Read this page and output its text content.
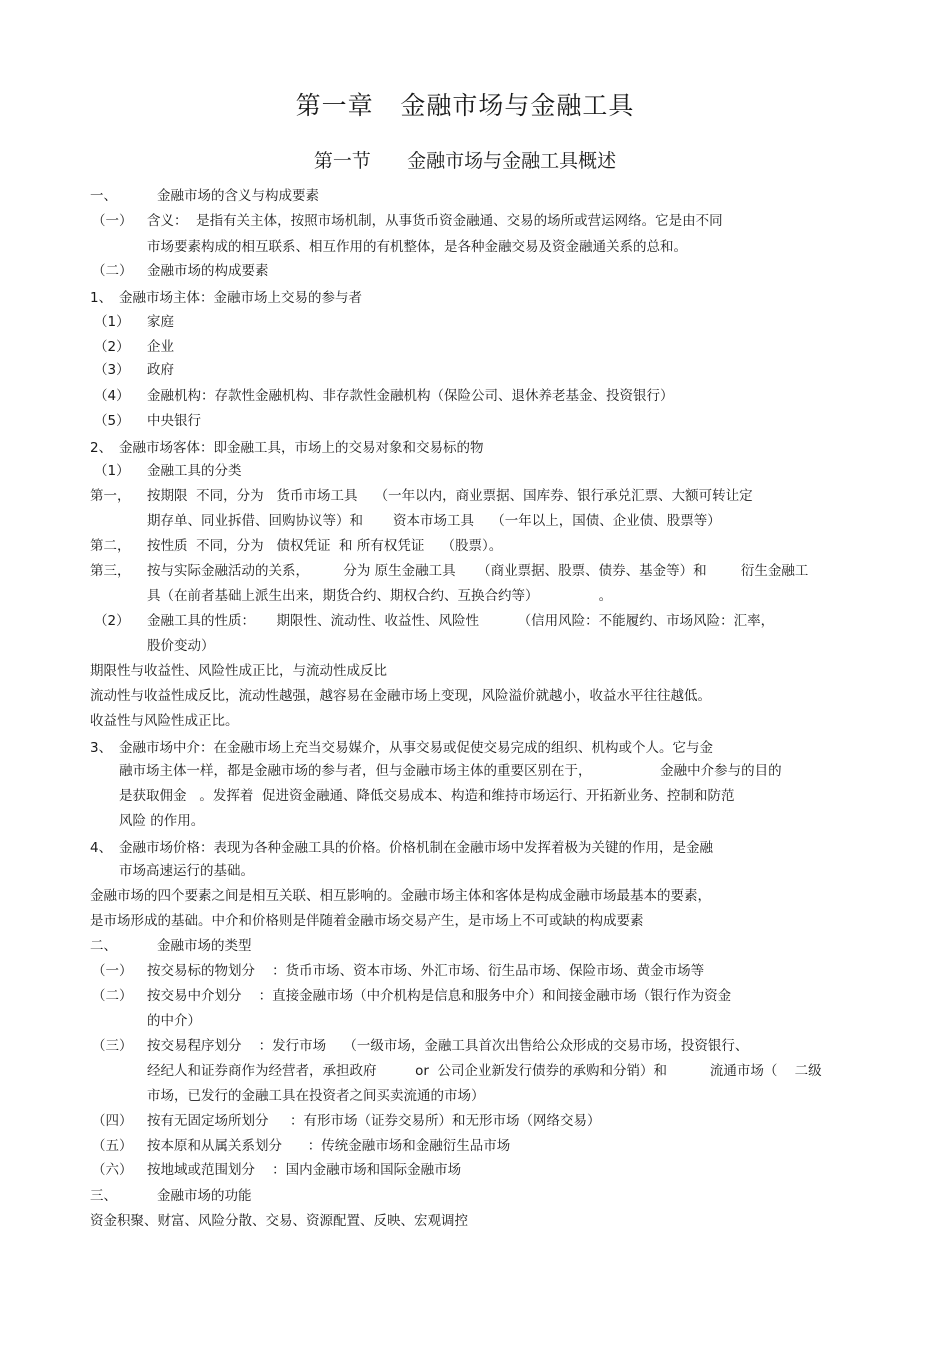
第一章   金融市场与金融工具
第一节      金融市场与金融工具概述
一、	金融市场的含义与构成要素
（一） 含义：  是指有关主体，按照市场机制，从事货币资金融通、交易的场所或营运网络。它是由不同
市场要素构成的相互联系、相互作用的有机整体，是各种金融交易及资金融通关系的总和。
（二） 金融市场的构成要素
1、 金融市场主体：金融市场上交易的参与者
（1） 家庭
（2） 企业
（3） 政府
（4） 金融机构：存款性金融机构、非存款性金融机构（保险公司、退休养老基金、投资银行）
（5） 中央银行
2、 金融市场客体：即金融工具，市场上的交易对象和交易标的物
（1） 金融工具的分类
第一， 按期限  不同，分为   货币市场工具    （一年以内，商业票据、国库券、银行承兑汇票、大额可转让定
期存单、同业拆借、回购协议等）和       资本市场工具    （一年以上，国债、企业债、股票等）
第二， 按性质  不同，分为   债权凭证  和 所有权凭证    （股票）。
第三， 按与实际金融活动的关系，        分为 原生金融工具     （商业票据、股票、债券、基金等）和        衍生金融工
具（在前者基础上派生出来，期货合约、期权合约、互换合约等）              。
（2） 金融工具的性质：     期限性、流动性、收益性、风险性         （信用风险：不能履约、市场风险：汇率，
股价变动）
期限性与收益性、风险性成正比，与流动性成反比
流动性与收益性成反比，流动性越强，越容易在金融市场上变现，风险溢价就越小，收益水平往往越低。
收益性与风险性成正比。
3、 金融市场中介：在金融市场上充当交易媒介，从事交易或促使交易完成的组织、机构或个人。它与金
融市场主体一样，都是金融市场的参与者，但与金融市场主体的重要区别在于，                金融中介参与的目的
是获取佣金   。发挥着  促进资金融通、降低交易成本、构造和维持市场运行、开拓新业务、控制和防范
风险 的作用。
4、 金融市场价格：表现为各种金融工具的价格。价格机制在金融市场中发挥着极为关键的作用，是金融
市场高速运行的基础。
金融市场的四个要素之间是相互关联、相互影响的。金融市场主体和客体是构成金融市场最基本的要素，
是市场形成的基础。中介和价格则是伴随着金融市场交易产生，是市场上不可或缺的构成要素
二、	金融市场的类型
（一） 按交易标的物划分    ：货币市场、资本市场、外汇市场、衍生品市场、保险市场、黄金市场等
（二） 按交易中介划分    ：直接金融市场（中介机构是信息和服务中介）和间接金融市场（银行作为资金
的中介）
（三） 按交易程序划分    ：发行市场    （一级市场，金融工具首次出售给公众形成的交易市场，投资银行、
经纪人和证券商作为经营者，承担政府         or  公司企业新发行债券的承购和分销）和          流通市场（    二级
市场，已发行的金融工具在投资者之间买卖流通的市场）
（四） 按有无固定场所划分     ：有形市场（证券交易所）和无形市场（网络交易）
（五） 按本原和从属关系划分      ：传统金融市场和金融衍生品市场
（六） 按地域或范围划分    ：国内金融市场和国际金融市场
三、	金融市场的功能
资金积聚、财富、风险分散、交易、资源配置、反映、宏观调控
